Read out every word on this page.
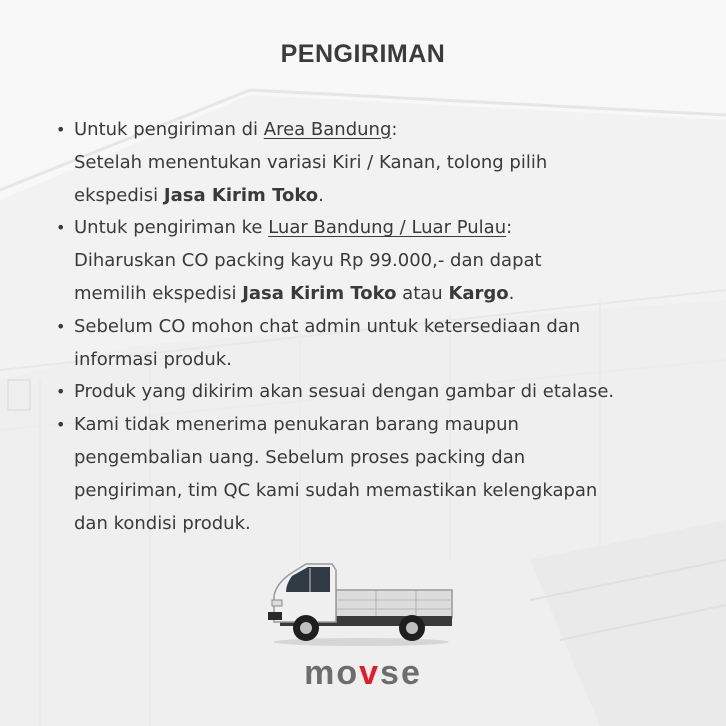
PENGIRIMAN
• Untuk pengiriman di Area Bandung:
Setelah menentukan variasi Kiri / Kanan, tolong pilih
ekspedisi Jasa Kirim Toko.
• Untuk pengiriman ke Luar Bandung / Luar Pulau:
Diharuskan CO packing kayu Rp 99.000,- dan dapat
memilih ekspedisi Jasa Kirim Toko atau Kargo.
• Sebelum CO mohon chat admin untuk ketersediaan dan
informasi produk.
• Produk yang dikirim akan sesuai dengan gambar di etalase.
• Kami tidak menerima penukaran barang maupun
pengembalian uang. Sebelum proses packing dan
pengiriman, tim QC kami sudah memastikan kelengkapan
dan kondisi produk.
movse
